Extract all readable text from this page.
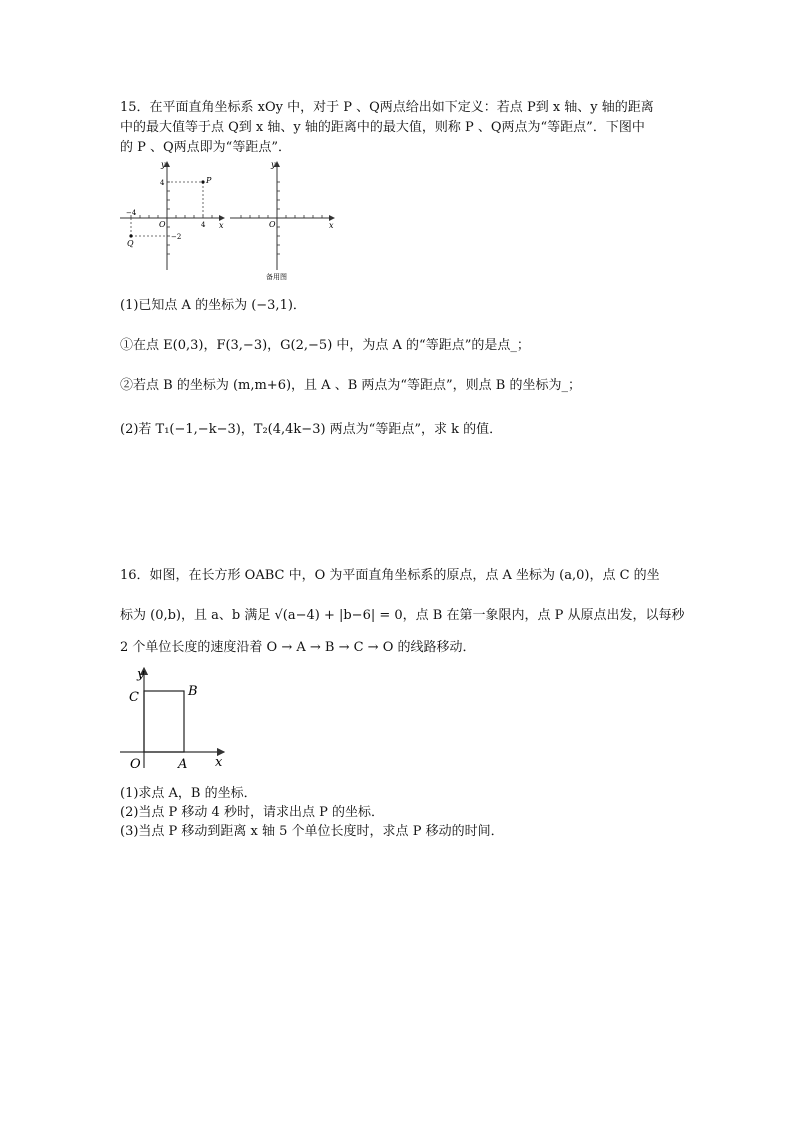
15．在平面直角坐标系 xOy 中，对于 P 、Q两点给出如下定义：若点 P到 x 轴、y 轴的距离
中的最大值等于点 Q到 x 轴、y 轴的距离中的最大值，则称 P 、Q两点为“等距点”．下图中
的 P 、Q两点即为“等距点”．
y
x
O
P
Q
4
4
−4
−2
y
x
O
备用图
(1)已知点 A 的坐标为 (−3,1)．
①在点 E(0,3)，F(3,−3)，G(2,−5) 中，为点 A 的“等距点”的是点_；
②若点 B 的坐标为 (m,m+6)，且 A 、B 两点为“等距点”，则点 B 的坐标为_；
(2)若 T₁(−1,−k−3)，T₂(4,4k−3) 两点为“等距点”，求 k 的值．
16．如图，在长方形 OABC 中，O 为平面直角坐标系的原点，点 A 坐标为 (a,0)，点 C 的坐
标为 (0,b)，且 a、b 满足 √(a−4) + |b−6| = 0，点 B 在第一象限内，点 P 从原点出发，以每秒
2 个单位长度的速度沿着 O → A → B → C → O 的线路移动．
y
x
O	A
B
C
(1)求点 A，B 的坐标．
(2)当点 P 移动 4 秒时，请求出点 P 的坐标．
(3)当点 P 移动到距离 x 轴 5 个单位长度时，求点 P 移动的时间．
